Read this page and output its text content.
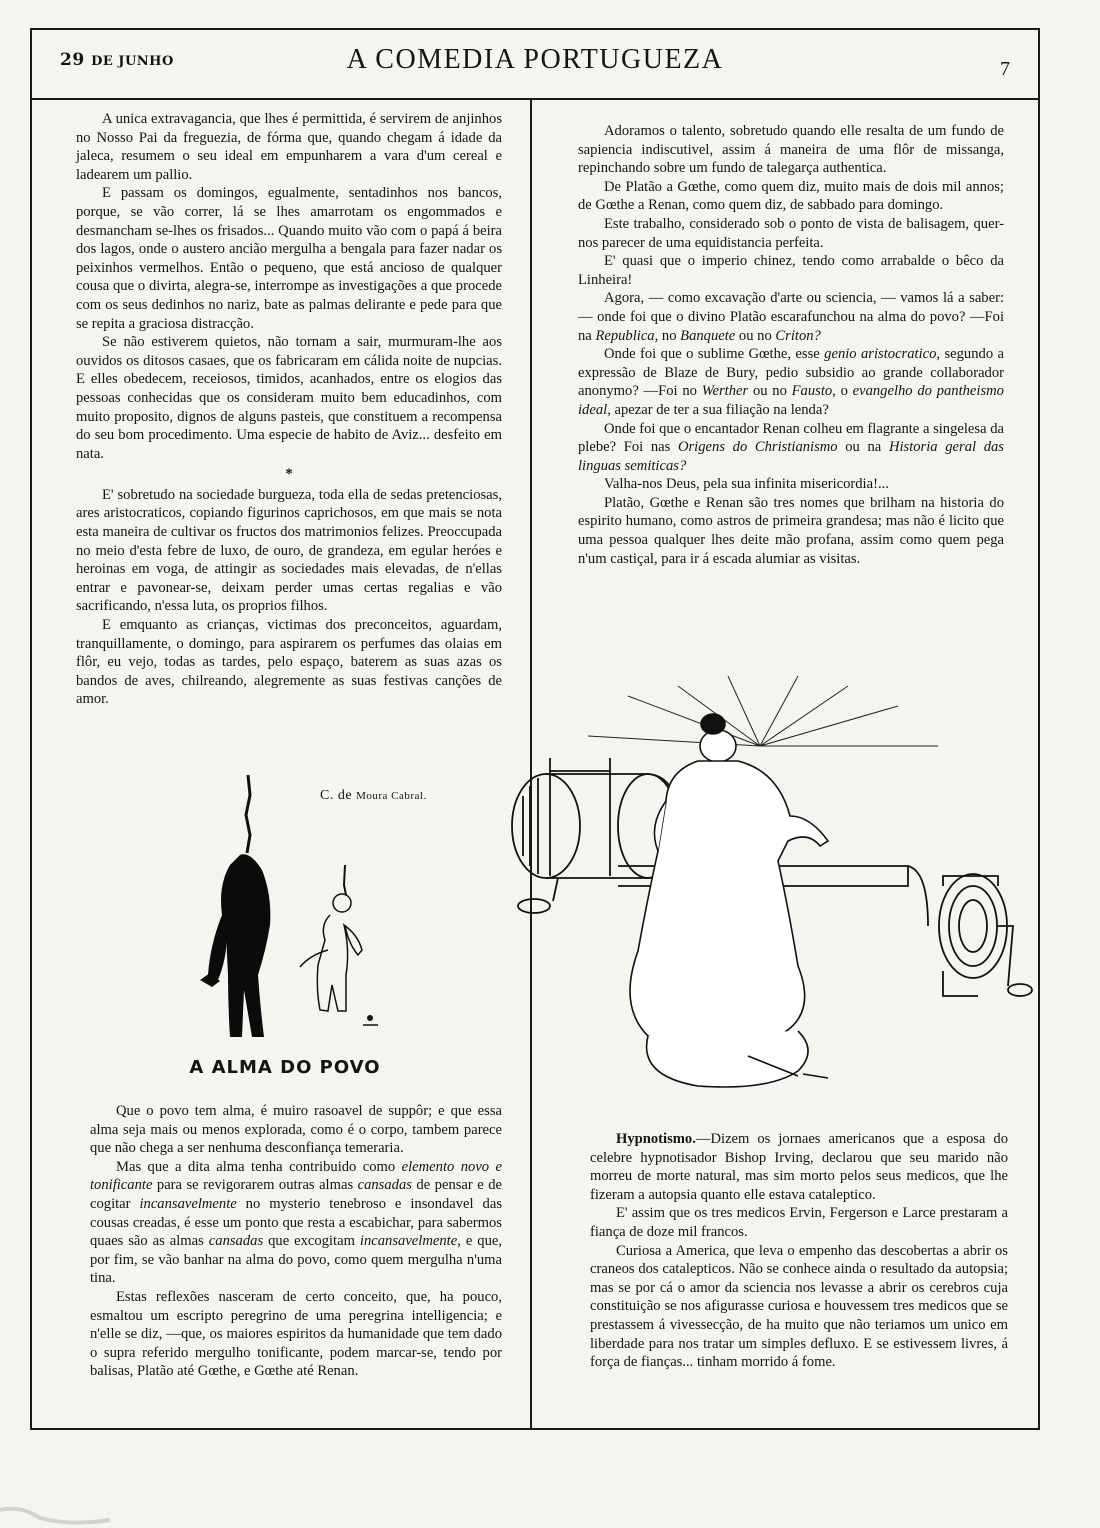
29 DE JUNHO	A COMEDIA PORTUGUEZA	7

A unica extravagancia, que lhes é permittida, é servirem de anjinhos no Nosso Pai da freguezia, de fórma que, quando chegam á idade da jaleca, resumem o seu ideal em empunharem a vara d'um cereal e ladearem um pallio.

E passam os domingos, egualmente, sentadinhos nos bancos, porque, se vão correr, lá se lhes amarrotam os engommados e desmancham se-lhes os frisados... Quando muito vão com o papá á beira dos lagos, onde o austero ancião mergulha a bengala para fazer nadar os peixinhos vermelhos. Então o pequeno, que está ancioso de qualquer cousa que o divirta, alegra-se, interrompe as investigações a que procede com os seus dedinhos no nariz, bate as palmas delirante e pede para que se repita a graciosa distracção.

Se não estiverem quietos, não tornam a sair, murmuram-lhe aos ouvidos os ditosos casaes, que os fabricaram em cálida noite de nupcias. E elles obedecem, receiosos, timidos, acanhados, entre os elogios das pessoas conhecidas que os consideram muito bem educadinhos, com muito proposito, dignos de alguns pasteis, que constituem a recompensa do seu bom procedimento. Uma especie de habito de Aviz... desfeito em nata.

*

E' sobretudo na sociedade burgueza, toda ella de sedas pretenciosas, ares aristocraticos, copiando figurinos caprichosos, em que mais se nota esta maneira de cultivar os fructos dos matrimonios felizes. Preoccupada no meio d'esta febre de luxo, de ouro, de grandeza, em egular heróes e heroinas em voga, de attingir as sociedades mais elevadas, de n'ellas entrar e pavonear-se, deixam perder umas certas regalias e vão sacrificando, n'essa luta, os proprios filhos.

E emquanto as crianças, victimas dos preconceitos, aguardam, tranquillamente, o domingo, para aspirarem os perfumes das olaias em flôr, eu vejo, todas as tardes, pelo espaço, baterem as suas azas os bandos de aves, chilreando, alegremente as suas festivas canções de amor.

C. de Moura Cabral.
A ALMA DO POVO

Que o povo tem alma, é muiro rasoavel de suppôr; e que essa alma seja mais ou menos explorada, como é o corpo, tambem parece que não chega a ser nenhuma desconfiança temeraria.

Mas que a dita alma tenha contribuido como elemento novo e tonificante para se revigorarem outras almas cansadas de pensar e de cogitar incansavelmente no mysterio tenebroso e insondavel das cousas creadas, é esse um ponto que resta a escabichar, para sabermos quaes são as almas cansadas que excogitam incansavelmente, e que, por fim, se vão banhar na alma do povo, como quem mergulha n'uma tina.

Estas reflexões nasceram de certo conceito, que, ha pouco, esmaltou um escripto peregrino de uma peregrina intelligencia; e n'elle se diz, —que, os maiores espiritos da humanidade que tem dado o supra referido mergulho tonificante, podem marcar-se, tendo por balisas, Platão até Gœthe, e Gœthe até Renan.

Adoramos o talento, sobretudo quando elle resalta de um fundo de sapiencia indiscutivel, assim á maneira de uma flôr de missanga, repinchando sobre um fundo de talegarça authentica.

De Platão a Gœthe, como quem diz, muito mais de dois mil annos; de Gœthe a Renan, como quem diz, de sabbado para domingo.

Este trabalho, considerado sob o ponto de vista de balisagem, quer-nos parecer de uma equidistancia perfeita.

E' quasi que o imperio chinez, tendo como arrabalde o bêco da Linheira!

Agora, — como excavação d'arte ou sciencia, — vamos lá a saber: — onde foi que o divino Platão escarafunchou na alma do povo? —Foi na Republica, no Banquete ou no Criton?

Onde foi que o sublime Gœthe, esse genio aristocratico, segundo a expressão de Blaze de Bury, pedio subsidio ao grande collaborador anonymo? —Foi no Werther ou no Fausto, o evangelho do pantheismo ideal, apezar de ter a sua filiação na lenda?

Onde foi que o encantador Renan colheu em flagrante a singelesa da plebe? Foi nas Origens do Christianismo ou na Historia geral das linguas semiticas?

Valha-nos Deus, pela sua infinita misericordia!...

Platão, Gœthe e Renan são tres nomes que brilham na historia do espirito humano, como astros de primeira grandesa; mas não é licito que uma pessoa qualquer lhes deite mão profana, assim como quem pega n'um castiçal, para ir á escada alumiar as visitas.

Hypnotismo.—Dizem os jornaes americanos que a esposa do celebre hypnotisador Bishop Irving, declarou que seu marido não morreu de morte natural, mas sim morto pelos seus medicos, que lhe fizeram a autopsia quanto elle estava cataleptico.

E' assim que os tres medicos Ervin, Fergerson e Larce prestaram a fiança de doze mil francos.

Curiosa a America, que leva o empenho das descobertas a abrir os craneos dos catalepticos. Não se conhece ainda o resultado da autopsia; mas se por cá o amor da sciencia nos levasse a abrir os cerebros cuja constituição se nos afigurasse curiosa e houvessem tres medicos que se prestassem á vivessecção, de ha muito que não teriamos um unico em liberdade para nos tratar um simples defluxo. E se estivessem livres, á força de fianças... tinham morrido á fome.
